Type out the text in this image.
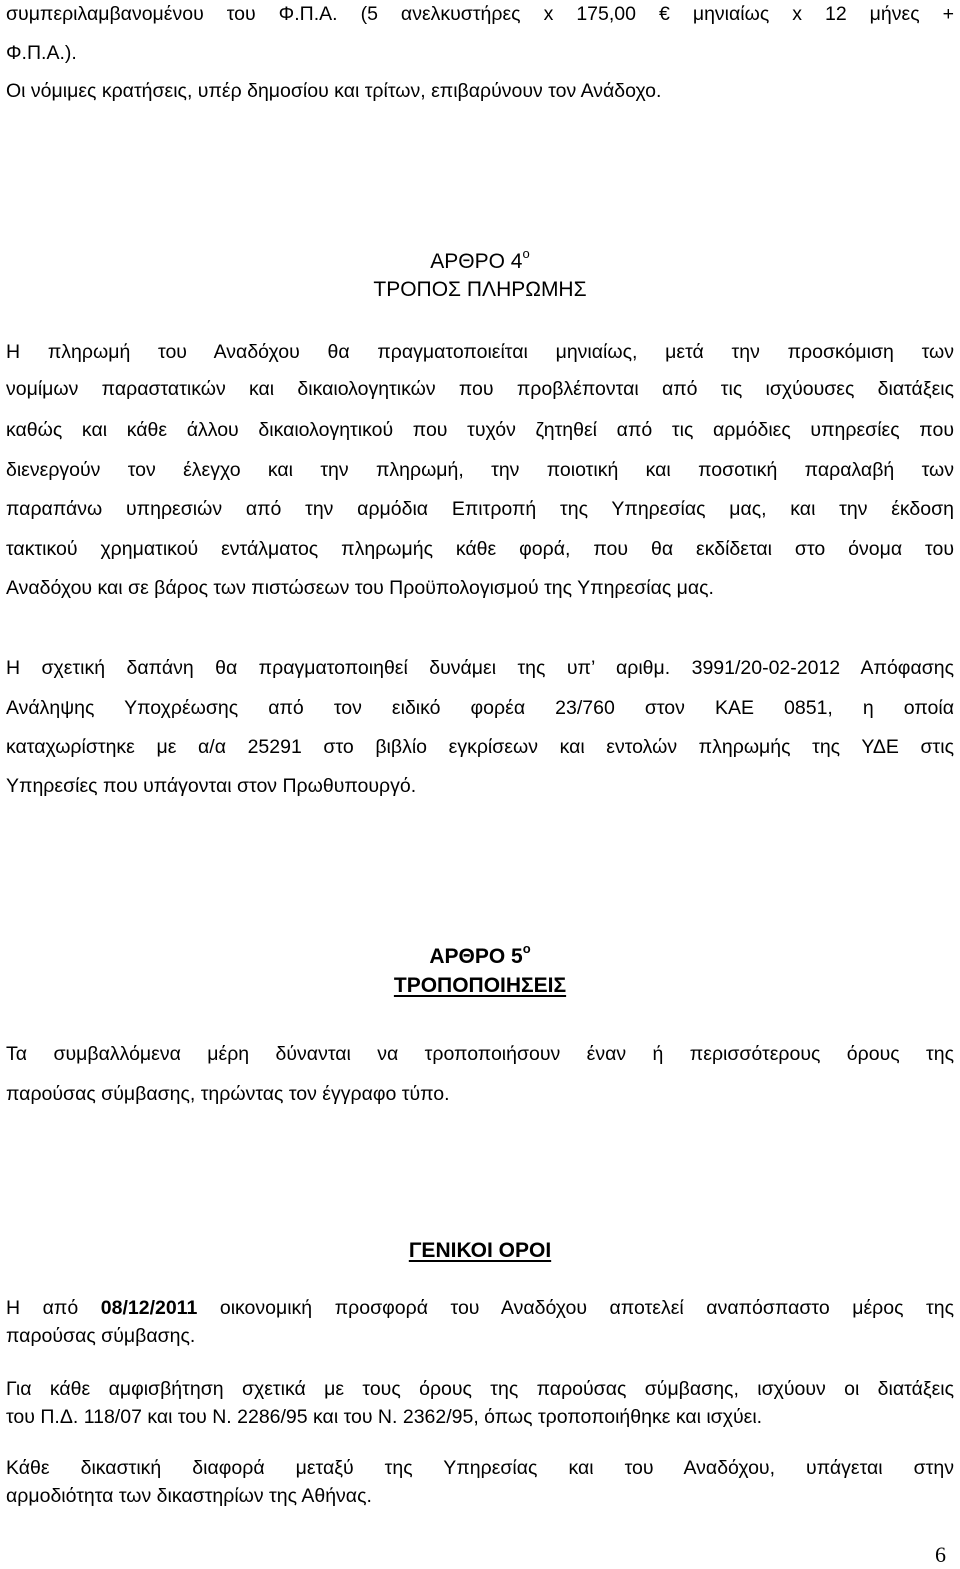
συμπεριλαμβανομένου του Φ.Π.Α. (5 ανελκυστήρες x 175,00 € μηνιαίως x 12 μήνες +
Φ.Π.Α.).
Οι νόμιμες κρατήσεις, υπέρ δημοσίου και τρίτων, επιβαρύνουν τον Ανάδοχο.
ΑΡΘΡΟ $4^o$
ΤΡΟΠΟΣ ΠΛΗΡΩΜΗΣ
Η πληρωμή του Αναδόχου θα πραγματοποιείται μηνιαίως, μετά την προσκόμιση των
νομίμων παραστατικών και δικαιολογητικών που προβλέπονται από τις ισχύουσες διατάξεις
καθώς και κάθε άλλου δικαιολογητικού που τυχόν ζητηθεί από τις αρμόδιες υπηρεσίες που
διενεργούν τον έλεγχο και την πληρωμή, την ποιοτική και ποσοτική παραλαβή των
παραπάνω υπηρεσιών από την αρμόδια Επιτροπή της Υπηρεσίας μας, και την έκδοση
τακτικού χρηματικού εντάλματος πληρωμής κάθε φορά, που θα εκδίδεται στο όνομα του
Αναδόχου και σε βάρος των πιστώσεων του Προϋπολογισμού της Υπηρεσίας μας.
Η σχετική δαπάνη θα πραγματοποιηθεί δυνάμει της υπ’ αριθμ. 3991/20-02-2012 Απόφασης
Ανάληψης Υποχρέωσης από τον ειδικό φορέα 23/760 στον ΚΑΕ 0851, η οποία
καταχωρίστηκε με α/α 25291 στο βιβλίο εγκρίσεων και εντολών πληρωμής της ΥΔΕ στις
Υπηρεσίες που υπάγονται στον Πρωθυπουργό.
ΑΡΘΡΟ $5^o$
ΤΡΟΠΟΠΟΙΗΣΕΙΣ
Τα συμβαλλόμενα μέρη δύνανται να τροποποιήσουν έναν ή περισσότερους όρους της
παρούσας σύμβασης, τηρώντας τον έγγραφο τύπο.
ΓΕΝΙΚΟΙ ΟΡΟΙ
Η από 08/12/2011 οικονομική προσφορά του Αναδόχου αποτελεί αναπόσπαστο μέρος της
παρούσας σύμβασης.
Για κάθε αμφισβήτηση σχετικά με τους όρους της παρούσας σύμβασης, ισχύουν οι διατάξεις
του Π.Δ. 118/07 και του Ν. 2286/95 και του Ν. 2362/95, όπως τροποποιήθηκε και ισχύει.
Κάθε δικαστική διαφορά μεταξύ της Υπηρεσίας και του Αναδόχου, υπάγεται στην
αρμοδιότητα των δικαστηρίων της Αθήνας.
6
